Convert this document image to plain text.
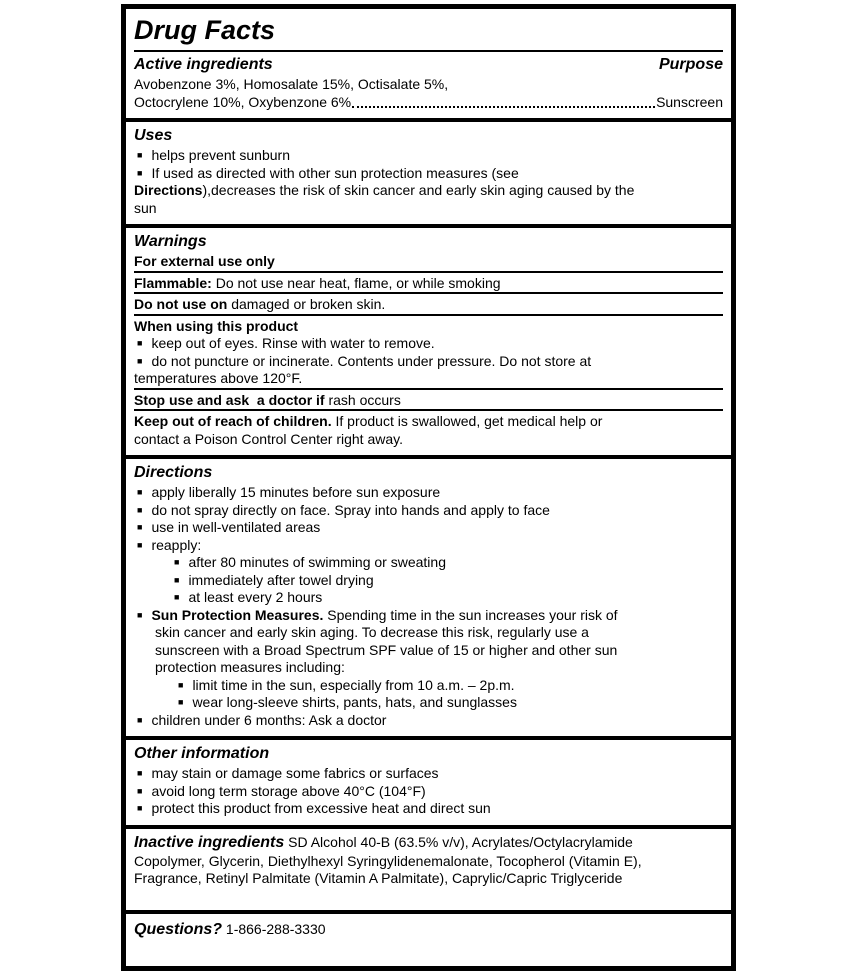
Drug Facts
Active ingredients	Purpose
Avobenzone 3%, Homosalate 15%, Octisalate 5%,
Octocrylene 10%, Oxybenzone 6%	Sunscreen
Uses
■ helps prevent sunburn
■ If used as directed with other sun protection measures (see
Directions),decreases the risk of skin cancer and early skin aging caused by the
sun
Warnings
For external use only
Flammable: Do not use near heat, flame, or while smoking
Do not use on damaged or broken skin.
When using this product
■ keep out of eyes. Rinse with water to remove.
■ do not puncture or incinerate. Contents under pressure. Do not store at
temperatures above 120°F.
Stop use and ask  a doctor if rash occurs
Keep out of reach of children. If product is swallowed, get medical help or
contact a Poison Control Center right away.
Directions
■ apply liberally 15 minutes before sun exposure
■ do not spray directly on face. Spray into hands and apply to face
■ use in well-ventilated areas
■ reapply:
■ after 80 minutes of swimming or sweating
■ immediately after towel drying
■ at least every 2 hours
■ Sun Protection Measures. Spending time in the sun increases your risk of
skin cancer and early skin aging. To decrease this risk, regularly use a
sunscreen with a Broad Spectrum SPF value of 15 or higher and other sun
protection measures including:
■ limit time in the sun, especially from 10 a.m. – 2p.m.
■ wear long-sleeve shirts, pants, hats, and sunglasses
■ children under 6 months: Ask a doctor
Other information
■ may stain or damage some fabrics or surfaces
■ avoid long term storage above 40°C (104°F)
■ protect this product from excessive heat and direct sun
Inactive ingredients SD Alcohol 40-B (63.5% v/v), Acrylates/Octylacrylamide
Copolymer, Glycerin, Diethylhexyl Syringylidenemalonate, Tocopherol (Vitamin E),
Fragrance, Retinyl Palmitate (Vitamin A Palmitate), Caprylic/Capric Triglyceride
Questions? 1-866-288-3330
